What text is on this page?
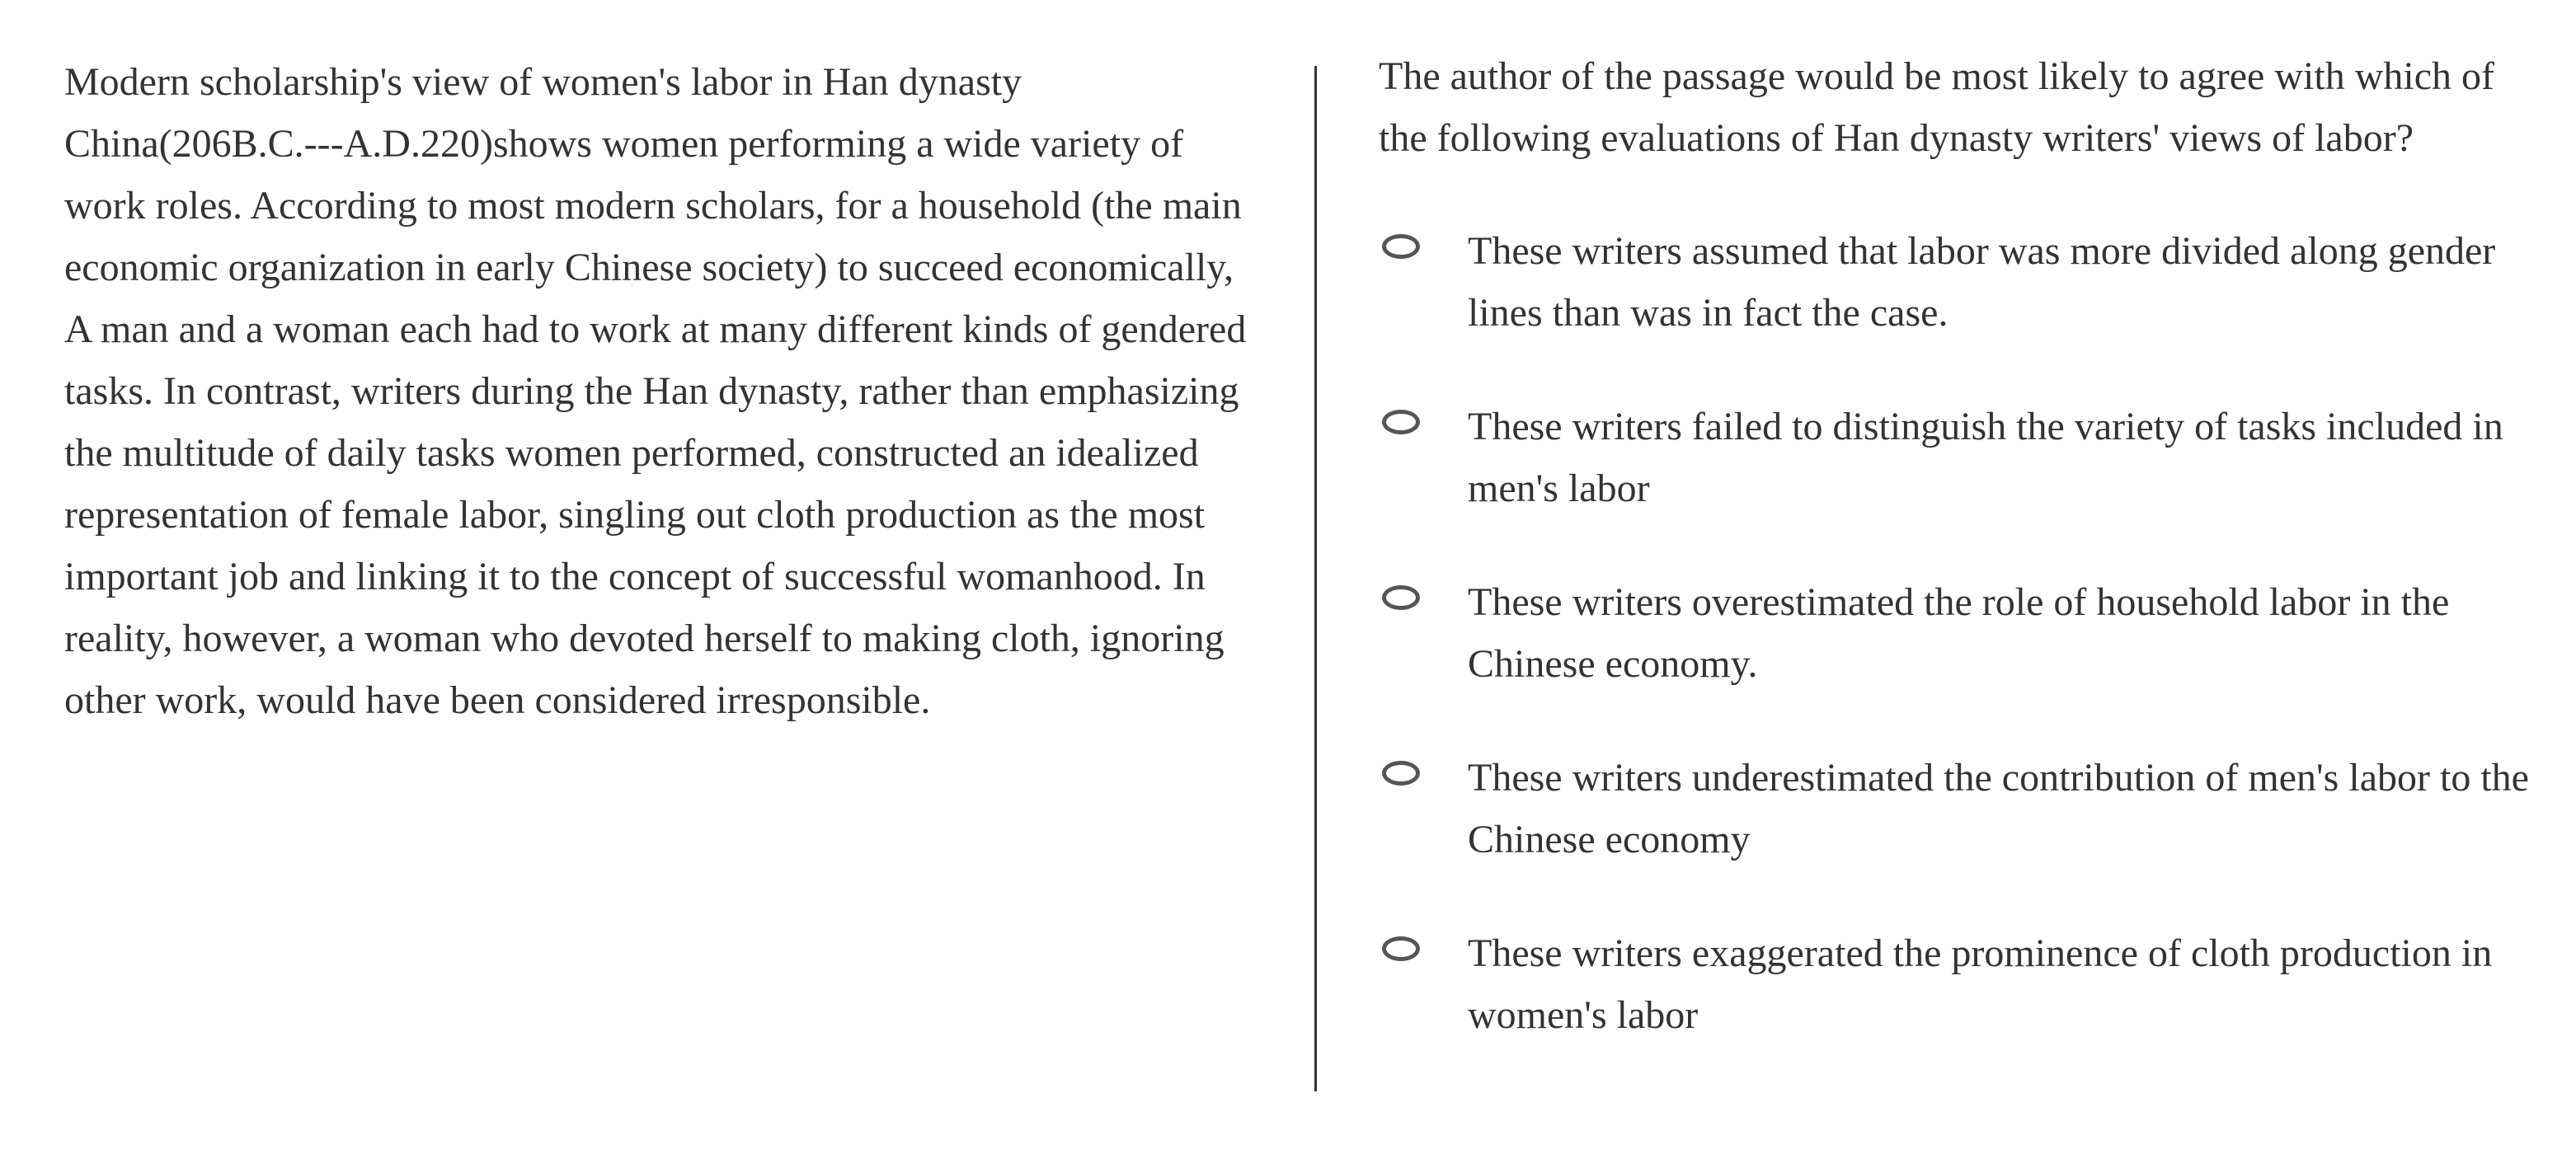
Modern scholarship's view of women's labor in Han dynasty China(206B.C.---A.D.220)shows women performing a wide variety of work roles. According to most modern scholars, for a household (the main economic organization in early Chinese society) to succeed economically, A man and a woman each had to work at many different kinds of gendered tasks. In contrast, writers during the Han dynasty, rather than emphasizing the multitude of daily tasks women performed, constructed an idealized representation of female labor, singling out cloth production as the most important job and linking it to the concept of successful womanhood. In reality, however, a woman who devoted herself to making cloth, ignoring other work, would have been considered irresponsible.

The author of the passage would be most likely to agree with which of the following evaluations of Han dynasty writers' views of labor?

These writers assumed that labor was more divided along gender lines than was in fact the case.
These writers failed to distinguish the variety of tasks included in men's labor
These writers overestimated the role of household labor in the Chinese economy.
These writers underestimated the contribution of men's labor to the Chinese economy
These writers exaggerated the prominence of cloth production in women's labor
